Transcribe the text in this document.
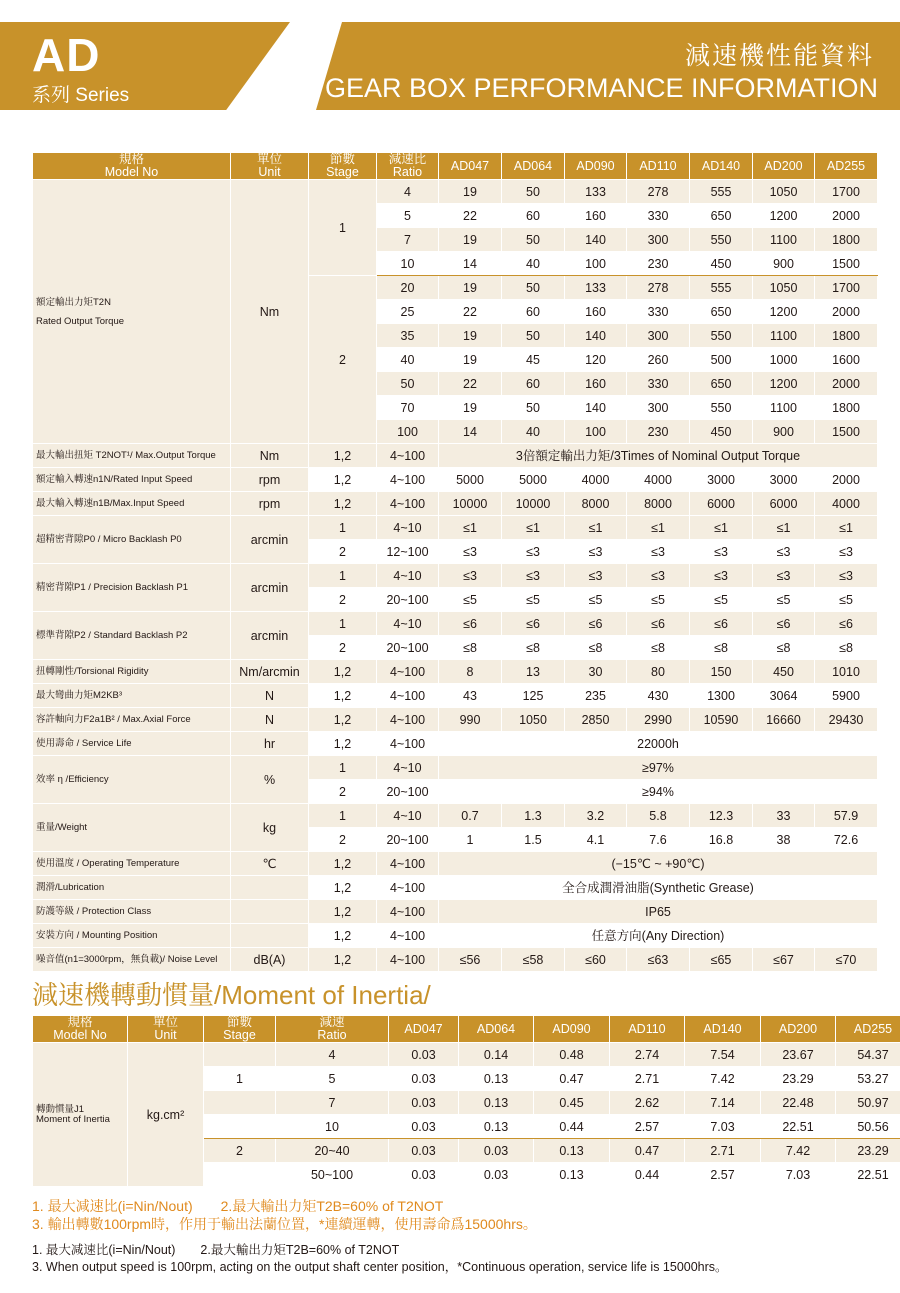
AD
系列 Series
減速機性能資料
GEAR BOX PERFORMANCE INFORMATION
規格
Model No	單位
Unit	節數
Stage	減速比
Ratio	AD047	AD064	AD090	AD110	AD140	AD200	AD255
額定輸出力矩T2N

Rated Output Torque	Nm	1	4	19	50	133	278	555	1050	1700
			5	22	60	160	330	650	1200	2000
			7	19	50	140	300	550	1100	1800
			10	14	40	100	230	450	900	1500
		2	20	19	50	133	278	555	1050	1700
			25	22	60	160	330	650	1200	2000
			35	19	50	140	300	550	1100	1800
			40	19	45	120	260	500	1000	1600
			50	22	60	160	330	650	1200	2000
			70	19	50	140	300	550	1100	1800
			100	14	40	100	230	450	900	1500
最大輸出扭矩 T2NOT¹/ Max.Output Torque	Nm	1,2	4~100	3倍額定輸出力矩/3Times of Nominal Output Torque						
額定輸入轉速n1N/Rated Input Speed	rpm	1,2	4~100	5000	5000	4000	4000	3000	3000	2000
最大輸入轉速n1B/Max.Input Speed	rpm	1,2	4~100	10000	10000	8000	8000	6000	6000	4000
超精密背隙P0 / Micro Backlash P0	arcmin	1	4~10	≤1	≤1	≤1	≤1	≤1	≤1	≤1
		2	12~100	≤3	≤3	≤3	≤3	≤3	≤3	≤3
精密背隙P1 / Precision Backlash P1	arcmin	1	4~10	≤3	≤3	≤3	≤3	≤3	≤3	≤3
		2	20~100	≤5	≤5	≤5	≤5	≤5	≤5	≤5
標準背隙P2 / Standard Backlash P2	arcmin	1	4~10	≤6	≤6	≤6	≤6	≤6	≤6	≤6
		2	20~100	≤8	≤8	≤8	≤8	≤8	≤8	≤8
扭轉剛性/Torsional Rigidity	Nm/arcmin	1,2	4~100	8	13	30	80	150	450	1010
最大彎曲力矩M2KB³	N	1,2	4~100	43	125	235	430	1300	3064	5900
容許軸向力F2a1B² / Max.Axial Force	N	1,2	4~100	990	1050	2850	2990	10590	16660	29430
使用壽命 / Service Life	hr	1,2	4~100	22000h						
效率 η /Efficiency	%	1	4~10	≥97%						
		2	20~100	≥94%						
重量/Weight	kg	1	4~10	0.7	1.3	3.2	5.8	12.3	33	57.9
		2	20~100	1	1.5	4.1	7.6	16.8	38	72.6
使用溫度 / Operating Temperature	℃	1,2	4~100	(−15℃ ~ +90℃)						
潤滑/Lubrication		1,2	4~100	全合成潤滑油脂(Synthetic Grease)						
防護等級 / Protection Class		1,2	4~100	IP65						
安裝方向 / Mounting Position		1,2	4~100	任意方向(Any Direction)						
噪音值(n1=3000rpm，無負載)/ Noise Level	dB(A)	1,2	4~100	≤56	≤58	≤60	≤63	≤65	≤67	≤70
減速機轉動慣量/Moment of Inertia/
規格
Model No	單位
Unit	節數
Stage	減速
Ratio	AD047	AD064	AD090	AD110	AD140	AD200	AD255
轉動慣量J1
Moment of Inertia	kg.cm²		4	0.03	0.14	0.48	2.74	7.54	23.67	54.37
		1	5	0.03	0.13	0.47	2.71	7.42	23.29	53.27
			7	0.03	0.13	0.45	2.62	7.14	22.48	50.97
			10	0.03	0.13	0.44	2.57	7.03	22.51	50.56
		2	20~40	0.03	0.03	0.13	0.47	2.71	7.42	23.29
			50~100	0.03	0.03	0.13	0.44	2.57	7.03	22.51
1. 最大减速比(i=Nin/Nout)　　2.最大輸出力矩T2B=60% of T2NOT
3. 輸出轉數100rpm時，作用于輸出法蘭位置，*連續運轉，使用壽命爲15000hrs。
1. 最大减速比(i=Nin/Nout)　　2.最大輸出力矩T2B=60% of T2NOT
3. When output speed is 100rpm, acting on the output shaft center position，*Continuous operation, service life is 15000hrs。
